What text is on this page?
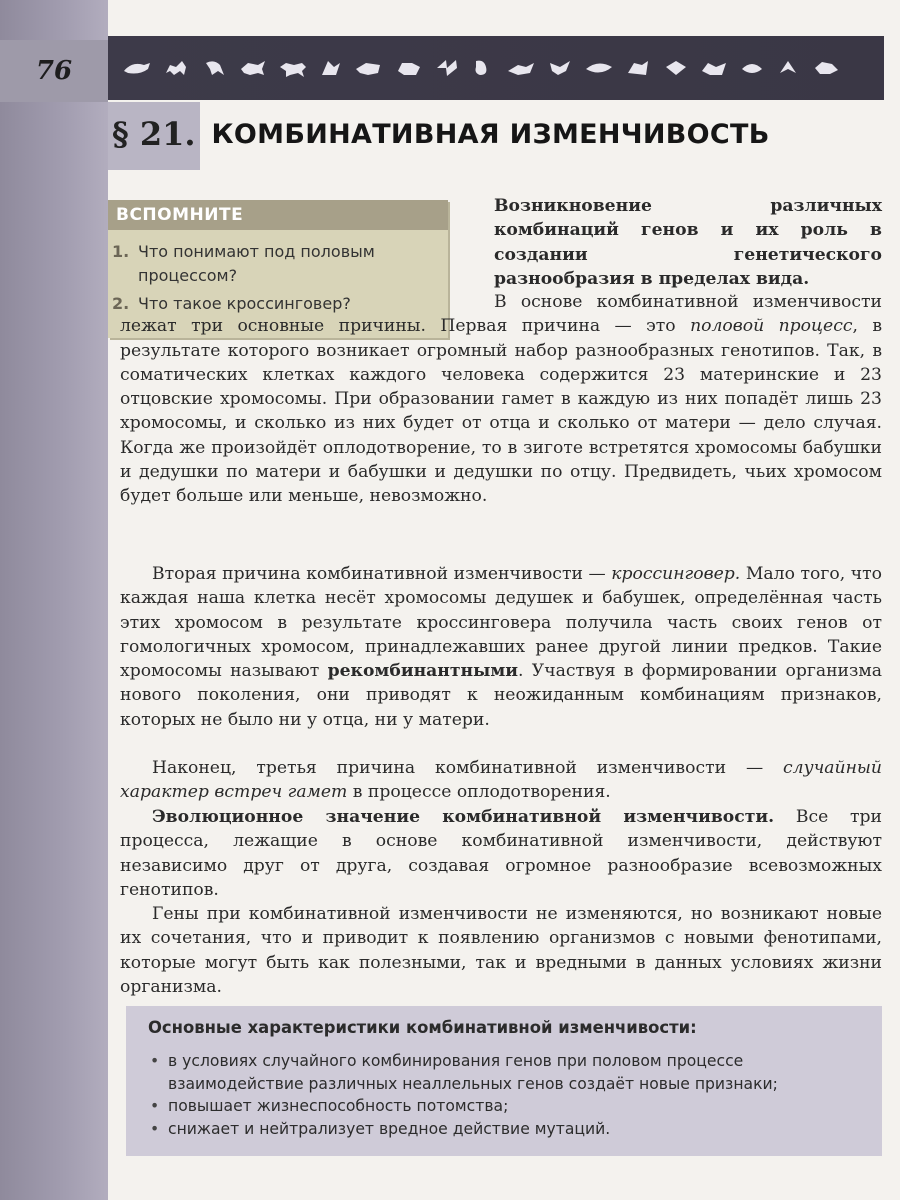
76
§ 21. КОМБИНАТИВНАЯ ИЗМЕНЧИВОСТЬ
ВСПОМНИТЕ
1. Что понимают под половым процессом?
2. Что такое кроссинговер?

Возникновение различных комбинаций генов и их роль в создании генетического разнообразия в пределах вида.

В основе комбинативной изменчивости лежат три основные причины. Первая причина — это половой процесс, в результате которого возникает огромный набор разнообразных генотипов. Так, в соматических клетках каждого человека содержится 23 материнские и 23 отцовские хромосомы. При образовании гамет в каждую из них попадёт лишь 23 хромосомы, и сколько из них будет от отца и сколько от матери — дело случая. Когда же произойдёт оплодотворение, то в зиготе встретятся хромосомы бабушки и дедушки по матери и бабушки и дедушки по отцу. Предвидеть, чьих хромосом будет больше или меньше, невозможно.

Вторая причина комбинативной изменчивости — кроссинговер. Мало того, что каждая наша клетка несёт хромосомы дедушек и бабушек, определённая часть этих хромосом в результате кроссинговера получила часть своих генов от гомологичных хромосом, принадлежавших ранее другой линии предков. Такие хромосомы называют рекомбинантными. Участвуя в формировании организма нового поколения, они приводят к неожиданным комбинациям признаков, которых не было ни у отца, ни у матери.

Наконец, третья причина комбинативной изменчивости — случайный характер встреч гамет в процессе оплодотворения.

Эволюционное значение комбинативной изменчивости. Все три процесса, лежащие в основе комбинативной изменчивости, действуют независимо друг от друга, создавая огромное разнообразие всевозможных генотипов.

Гены при комбинативной изменчивости не изменяются, но возникают новые их сочетания, что и приводит к появлению организмов с новыми фенотипами, которые могут быть как полезными, так и вредными в данных условиях жизни организма.

Основные характеристики комбинативной изменчивости:
• в условиях случайного комбинирования генов при половом процессе взаимодействие различных неаллельных генов создаёт новые признаки;
• повышает жизнеспособность потомства;
• снижает и нейтрализует вредное действие мутаций.
